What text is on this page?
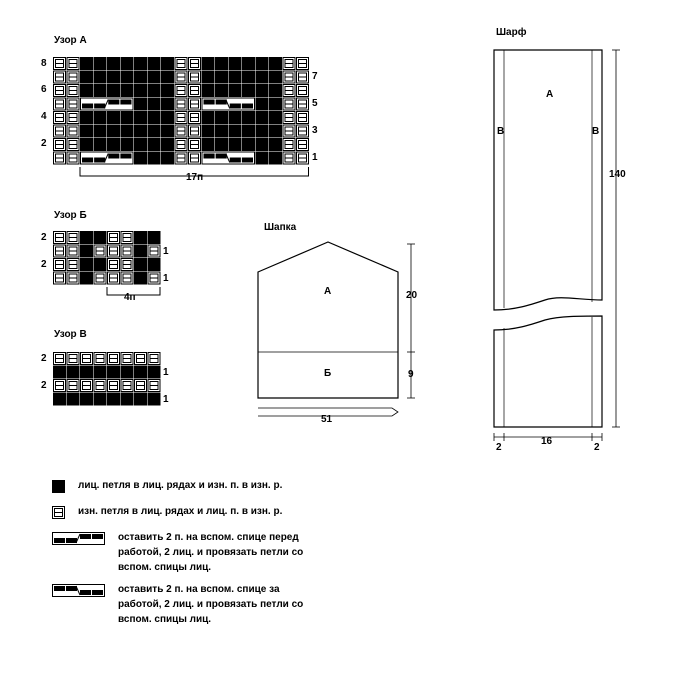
Узор А
8
6
4
2
7
5
3
1
17п
Узор Б
2
2
1
1
4п
Узор В
2
2
1
1
Шапка
А
Б
20
9
51
Шарф
А
В	В
140
2
16
2
лиц. петля в лиц. рядах и изн. п. в изн. р.
изн. петля в лиц. рядах и лиц. п. в изн. р.
оставить 2 п. на вспом. спице перед
работой, 2 лиц. и провязать петли со
вспом. спицы лиц.
оставить 2 п. на вспом. спице за
работой, 2 лиц. и провязать петли со
вспом. спицы лиц.
